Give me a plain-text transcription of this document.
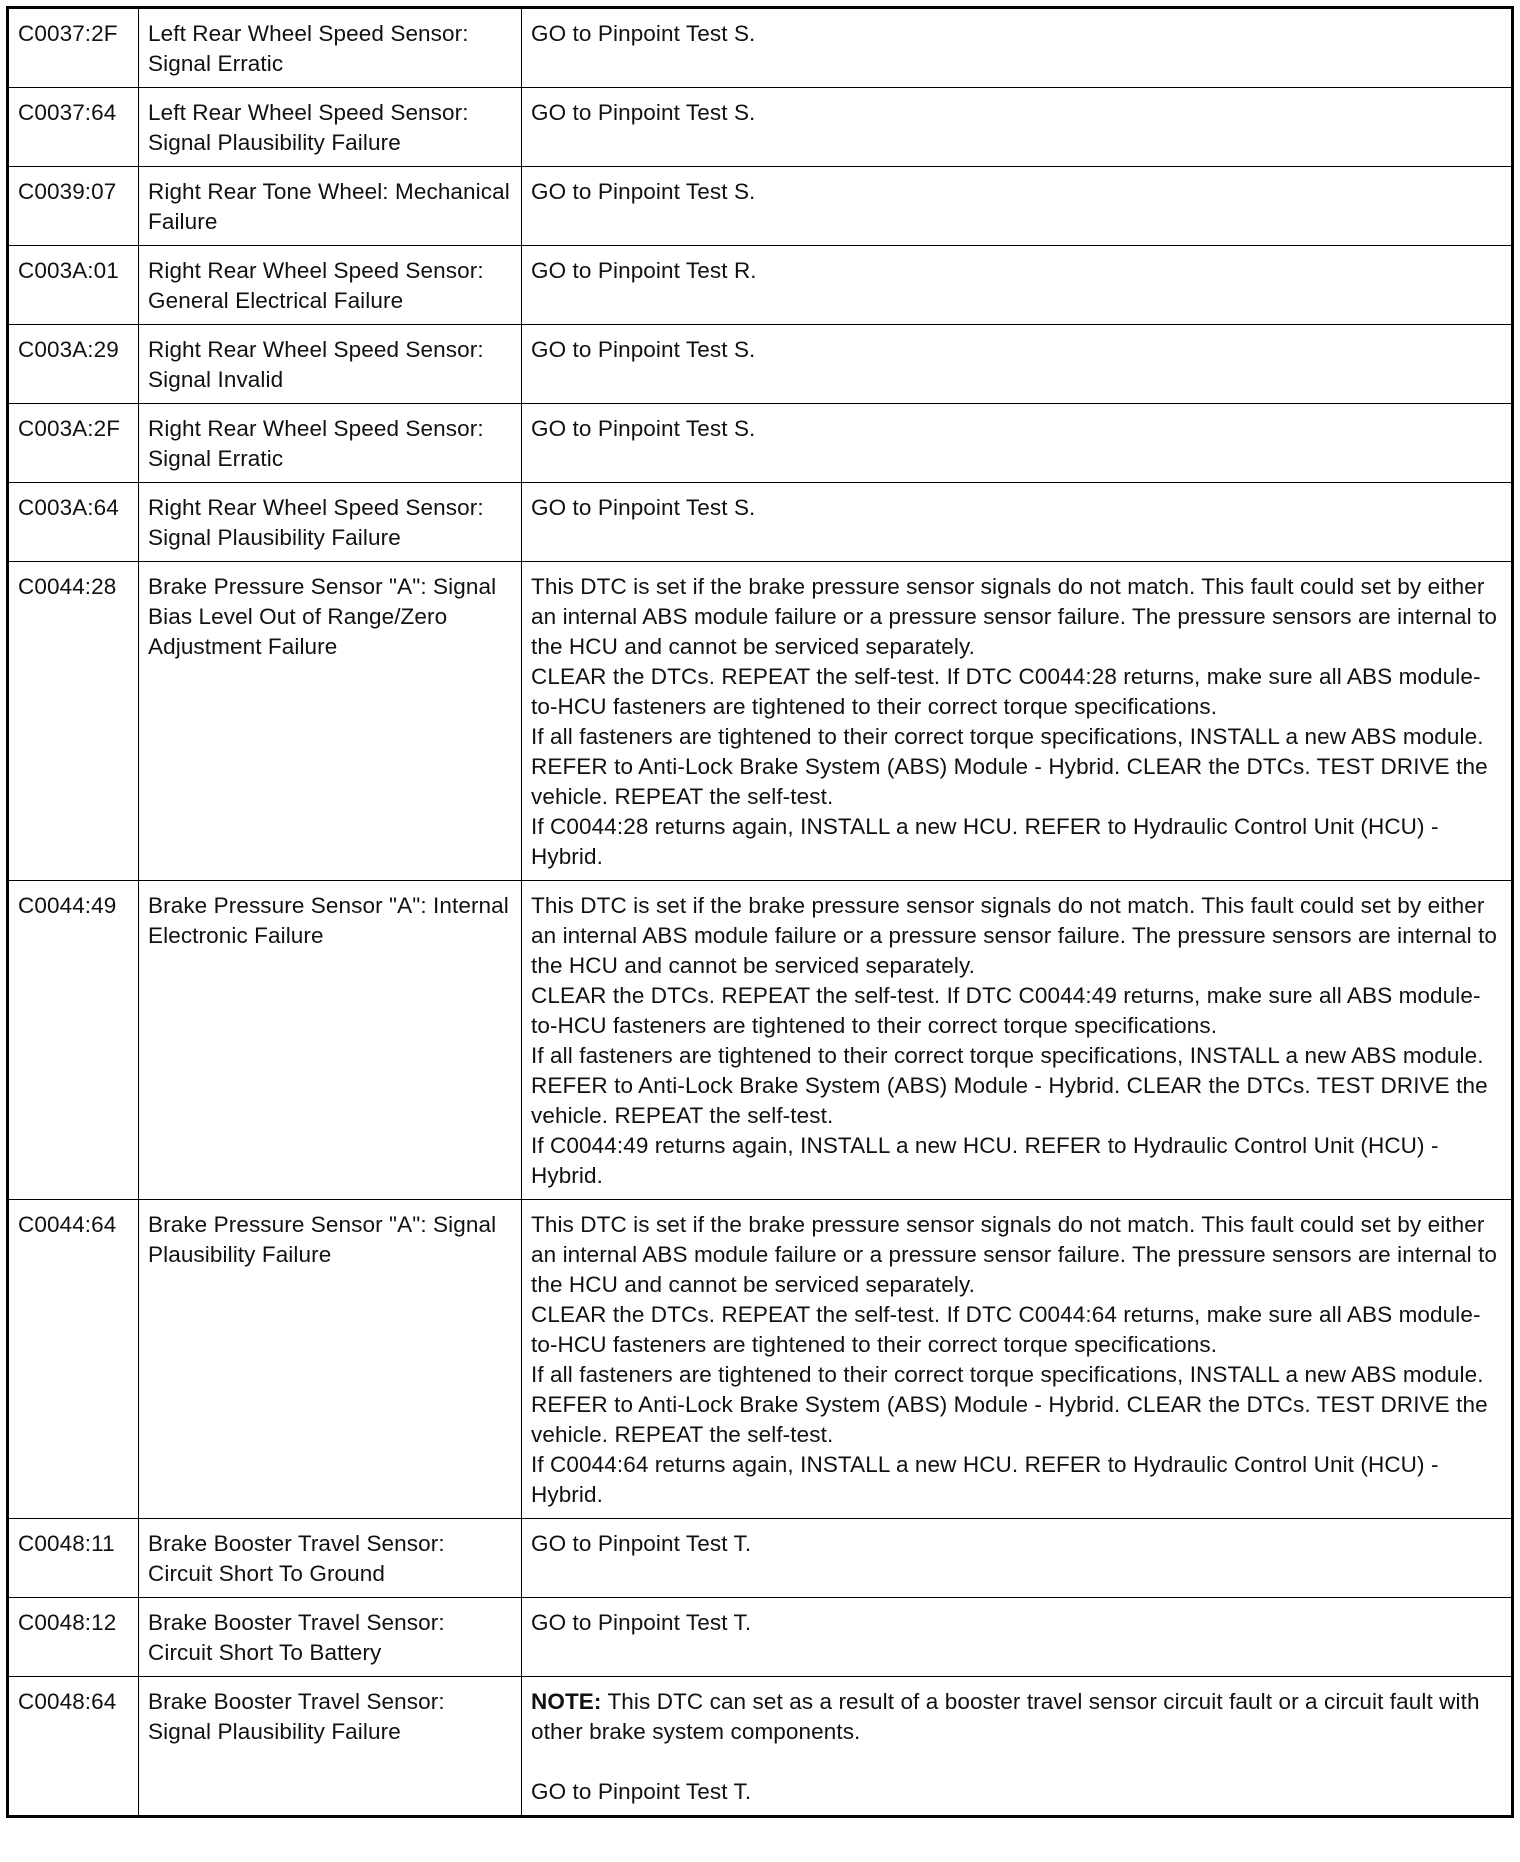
C0037:2F	Left Rear Wheel Speed Sensor: Signal Erratic	GO to Pinpoint Test S.

C0037:64	Left Rear Wheel Speed Sensor: Signal Plausibility Failure	GO to Pinpoint Test S.

C0039:07	Right Rear Tone Wheel: Mechanical Failure	GO to Pinpoint Test S.

C003A:01	Right Rear Wheel Speed Sensor: General Electrical Failure	GO to Pinpoint Test R.

C003A:29	Right Rear Wheel Speed Sensor: Signal Invalid	GO to Pinpoint Test S.

C003A:2F	Right Rear Wheel Speed Sensor: Signal Erratic	GO to Pinpoint Test S.

C003A:64	Right Rear Wheel Speed Sensor: Signal Plausibility Failure	GO to Pinpoint Test S.

C0044:28	Brake Pressure Sensor "A": Signal Bias Level Out of Range/Zero Adjustment Failure	This DTC is set if the brake pressure sensor signals do not match. This fault could set by either an internal ABS module failure or a pressure sensor failure. The pressure sensors are internal to the HCU and cannot be serviced separately.
CLEAR the DTCs. REPEAT the self-test. If DTC C0044:28 returns, make sure all ABS module-to-HCU fasteners are tightened to their correct torque specifications.
If all fasteners are tightened to their correct torque specifications, INSTALL a new ABS module. REFER to Anti-Lock Brake System (ABS) Module - Hybrid. CLEAR the DTCs. TEST DRIVE the vehicle. REPEAT the self-test.
If C0044:28 returns again, INSTALL a new HCU. REFER to Hydraulic Control Unit (HCU) - Hybrid.

C0044:49	Brake Pressure Sensor "A": Internal Electronic Failure	This DTC is set if the brake pressure sensor signals do not match. This fault could set by either an internal ABS module failure or a pressure sensor failure. The pressure sensors are internal to the HCU and cannot be serviced separately.
CLEAR the DTCs. REPEAT the self-test. If DTC C0044:49 returns, make sure all ABS module-to-HCU fasteners are tightened to their correct torque specifications.
If all fasteners are tightened to their correct torque specifications, INSTALL a new ABS module. REFER to Anti-Lock Brake System (ABS) Module - Hybrid. CLEAR the DTCs. TEST DRIVE the vehicle. REPEAT the self-test.
If C0044:49 returns again, INSTALL a new HCU. REFER to Hydraulic Control Unit (HCU) - Hybrid.

C0044:64	Brake Pressure Sensor "A": Signal Plausibility Failure	This DTC is set if the brake pressure sensor signals do not match. This fault could set by either an internal ABS module failure or a pressure sensor failure. The pressure sensors are internal to the HCU and cannot be serviced separately.
CLEAR the DTCs. REPEAT the self-test. If DTC C0044:64 returns, make sure all ABS module-to-HCU fasteners are tightened to their correct torque specifications.
If all fasteners are tightened to their correct torque specifications, INSTALL a new ABS module. REFER to Anti-Lock Brake System (ABS) Module - Hybrid. CLEAR the DTCs. TEST DRIVE the vehicle. REPEAT the self-test.
If C0044:64 returns again, INSTALL a new HCU. REFER to Hydraulic Control Unit (HCU) - Hybrid.

C0048:11	Brake Booster Travel Sensor: Circuit Short To Ground	GO to Pinpoint Test T.

C0048:12	Brake Booster Travel Sensor: Circuit Short To Battery	GO to Pinpoint Test T.

C0048:64	Brake Booster Travel Sensor: Signal Plausibility Failure	NOTE: This DTC can set as a result of a booster travel sensor circuit fault or a circuit fault with other brake system components.
GO to Pinpoint Test T.
